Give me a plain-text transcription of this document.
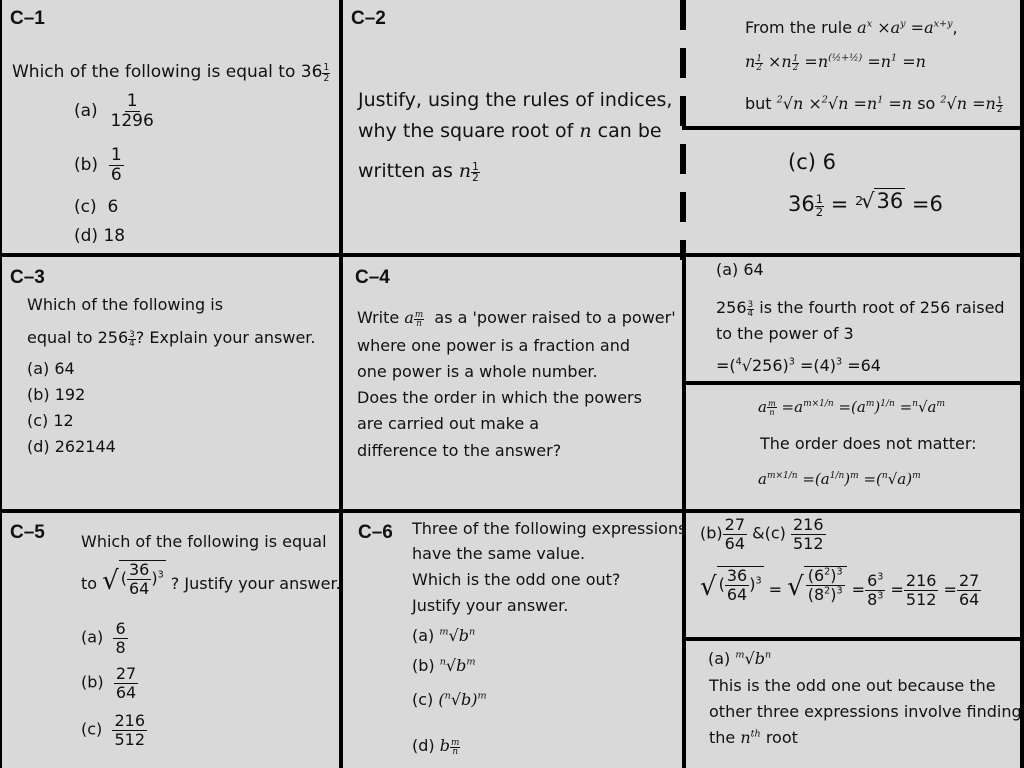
C–1
Which of the following is equal to $36 \frac{1}{2}$
$(a) \frac{1}{1296}$
$(b) \frac{1}{6}$
(c) 6
(d) 18
C–2
Justify, using the rules of indices,
why the square root of n can be
written as n $\frac{1}{2}$
From the rule $a^x \times a^y =a^{x+y}$,
n $\frac{1}{2} \times n \frac{1}{2} =n^{(\frac{1}{2}+\frac{1}{2})} =n^1 =n$
but $^2√n \times^2√n =n^1 =n$ so $^2√n =n \frac{1}{2}$
(c) 6
$36 \frac{1}{2} = 2$
√ 36 =6
C–3
Which of the following is
equal to $256 \frac{3}{4}$ ? Explain your answer.
(a) 64
(b) 192
(c) 12
(d) 262144
(a) 64
$256 \frac{3}{4}$ is the fourth root of 256 raised
to the power of 3
$=(^4√256)^3 =(4)^3 =64$
C–4
Write a $\frac{m}{n}$ as a 'power raised to a power'
where one power is a fraction and
one power is a whole number.
Does the order in which the powers
are carried out make a
difference to the answer?
a $\frac{m}{n} =a^{m\times 1/n} =(a^m)^{1/n} =^n√a^m$
The order does not matter:
$a^{m\times 1/n} =(a^{1/n})^m =(^n√a)^m$
C–5 Which of the following is equal
to √ ( $\frac{36}{64} )^3$ ? Justify your answer.
$(a) \frac{6}{8}$
$(b) \frac{27}{64}$
$(c) \frac{216}{512}$
C–6 Three of the following expressions
have the same value.
Which is the odd one out?
Justify your answer.
(a) $^m√b^n$
(b) $^n√b^m$
(c) $(^n√b)^m$
(d) b $\frac{m}{n}$
$(b) \frac{27}{64}$ &(c) $\frac{216}{512}$
√ ( $\frac{36}{64} )^3$ = √ $\frac{(6^2)^3}{(8^2)^3} = \frac{6^3}{8^3} = \frac{216}{512} = \frac{27}{64}$
(a) $^m√b^n$
This is the odd one out because the
other three expressions involve finding
the $n^{th}$ root
